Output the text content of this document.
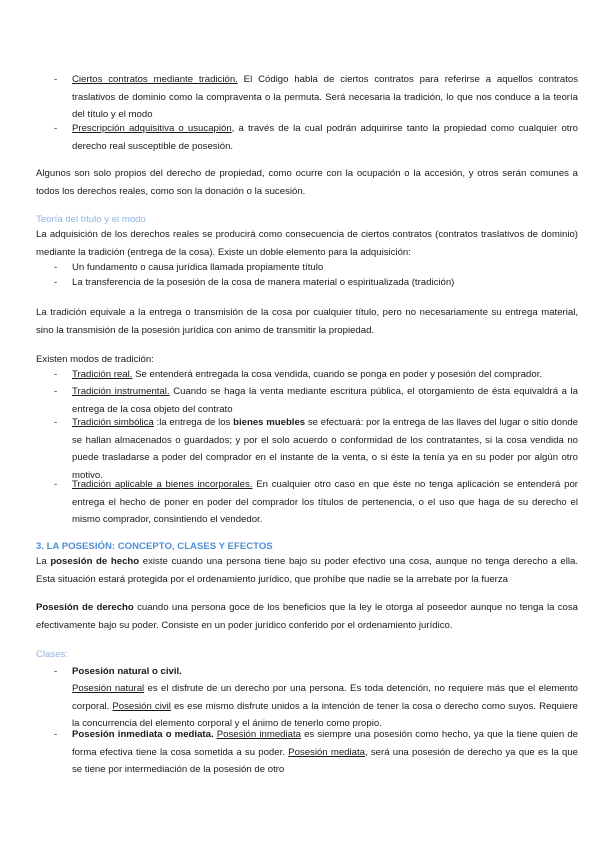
- Ciertos contratos mediante tradición. El Código habla de ciertos contratos para referirse a aquellos contratos traslativos de dominio como la compraventa o la permuta. Será necesaria la tradición, lo que nos conduce a la teoría del título y el modo

- Prescripción adquisitiva o usucapión, a través de la cual podrán adquirirse tanto la propiedad como cualquier otro derecho real susceptible de posesión.

Algunos son solo propios del derecho de propiedad, como ocurre con la ocupación o la accesión, y otros serán comunes a todos los derechos reales, como son la donación o la sucesión.

Teoría del título y el modo

La adquisición de los derechos reales se producirá como consecuencia de ciertos contratos (contratos traslativos de dominio) mediante la tradición (entrega de la cosa). Existe un doble elemento para la adquisición:

- Un fundamento o causa jurídica llamada propiamente título

- La transferencia de la posesión de la cosa de manera material o espiritualizada (tradición)

La tradición equivale a la entrega o transmisión de la cosa por cualquier título, pero no necesariamente su entrega material, sino la transmisión de la posesión jurídica con animo de transmitir la propiedad.

Existen modos de tradición:

- Tradición real. Se entenderá entregada la cosa vendida, cuando se ponga en poder y posesión del comprador.

- Tradición instrumental. Cuando se haga la venta mediante escritura pública, el otorgamiento de ésta equivaldrá a la entrega de la cosa objeto del contrato

- Tradición simbólica :la entrega de los bienes muebles se efectuará: por la entrega de las llaves del lugar o sitio donde se hallan almacenados o guardados; y por el solo acuerdo o conformidad de los contratantes, si la cosa vendida no puede trasladarse a poder del comprador en el instante de la venta, o si éste la tenía ya en su poder por algún otro motivo.

- Tradición aplicable a bienes incorporales. En cualquier otro caso en que éste no tenga aplicación se entenderá por entrega el hecho de poner en poder del comprador los títulos de pertenencia, o el uso que haga de su derecho el mismo comprador, consintiendo el vendedor.

3. LA POSESIÓN: CONCEPTO, CLASES Y EFECTOS

La posesión de hecho existe cuando una persona tiene bajo su poder efectivo una cosa, aunque no tenga derecho a ella. Esta situación estará protegida por el ordenamiento jurídico, que prohíbe que nadie se la arrebate por la fuerza

Posesión de derecho cuando una persona goce de los beneficios que la ley le otorga al poseedor aunque no tenga la cosa efectivamente bajo su poder. Consiste en un poder jurídico conferido por el ordenamiento jurídico.

Clases:

- Posesión natural o civil.

Posesión natural es el disfrute de un derecho por una persona. Es toda detención, no requiere más que el elemento corporal. Posesión civil es ese mismo disfrute unidos a la intención de tener la cosa o derecho como suyos. Requiere la concurrencia del elemento corporal y el ánimo de tenerlo como propio.

- Posesión inmediata o mediata. Posesión inmediata es siempre una posesión como hecho, ya que la tiene quien de forma efectiva tiene la cosa sometida a su poder. Posesión mediata, será una posesión de derecho ya que es la que se tiene por intermediación de la posesión de otro
